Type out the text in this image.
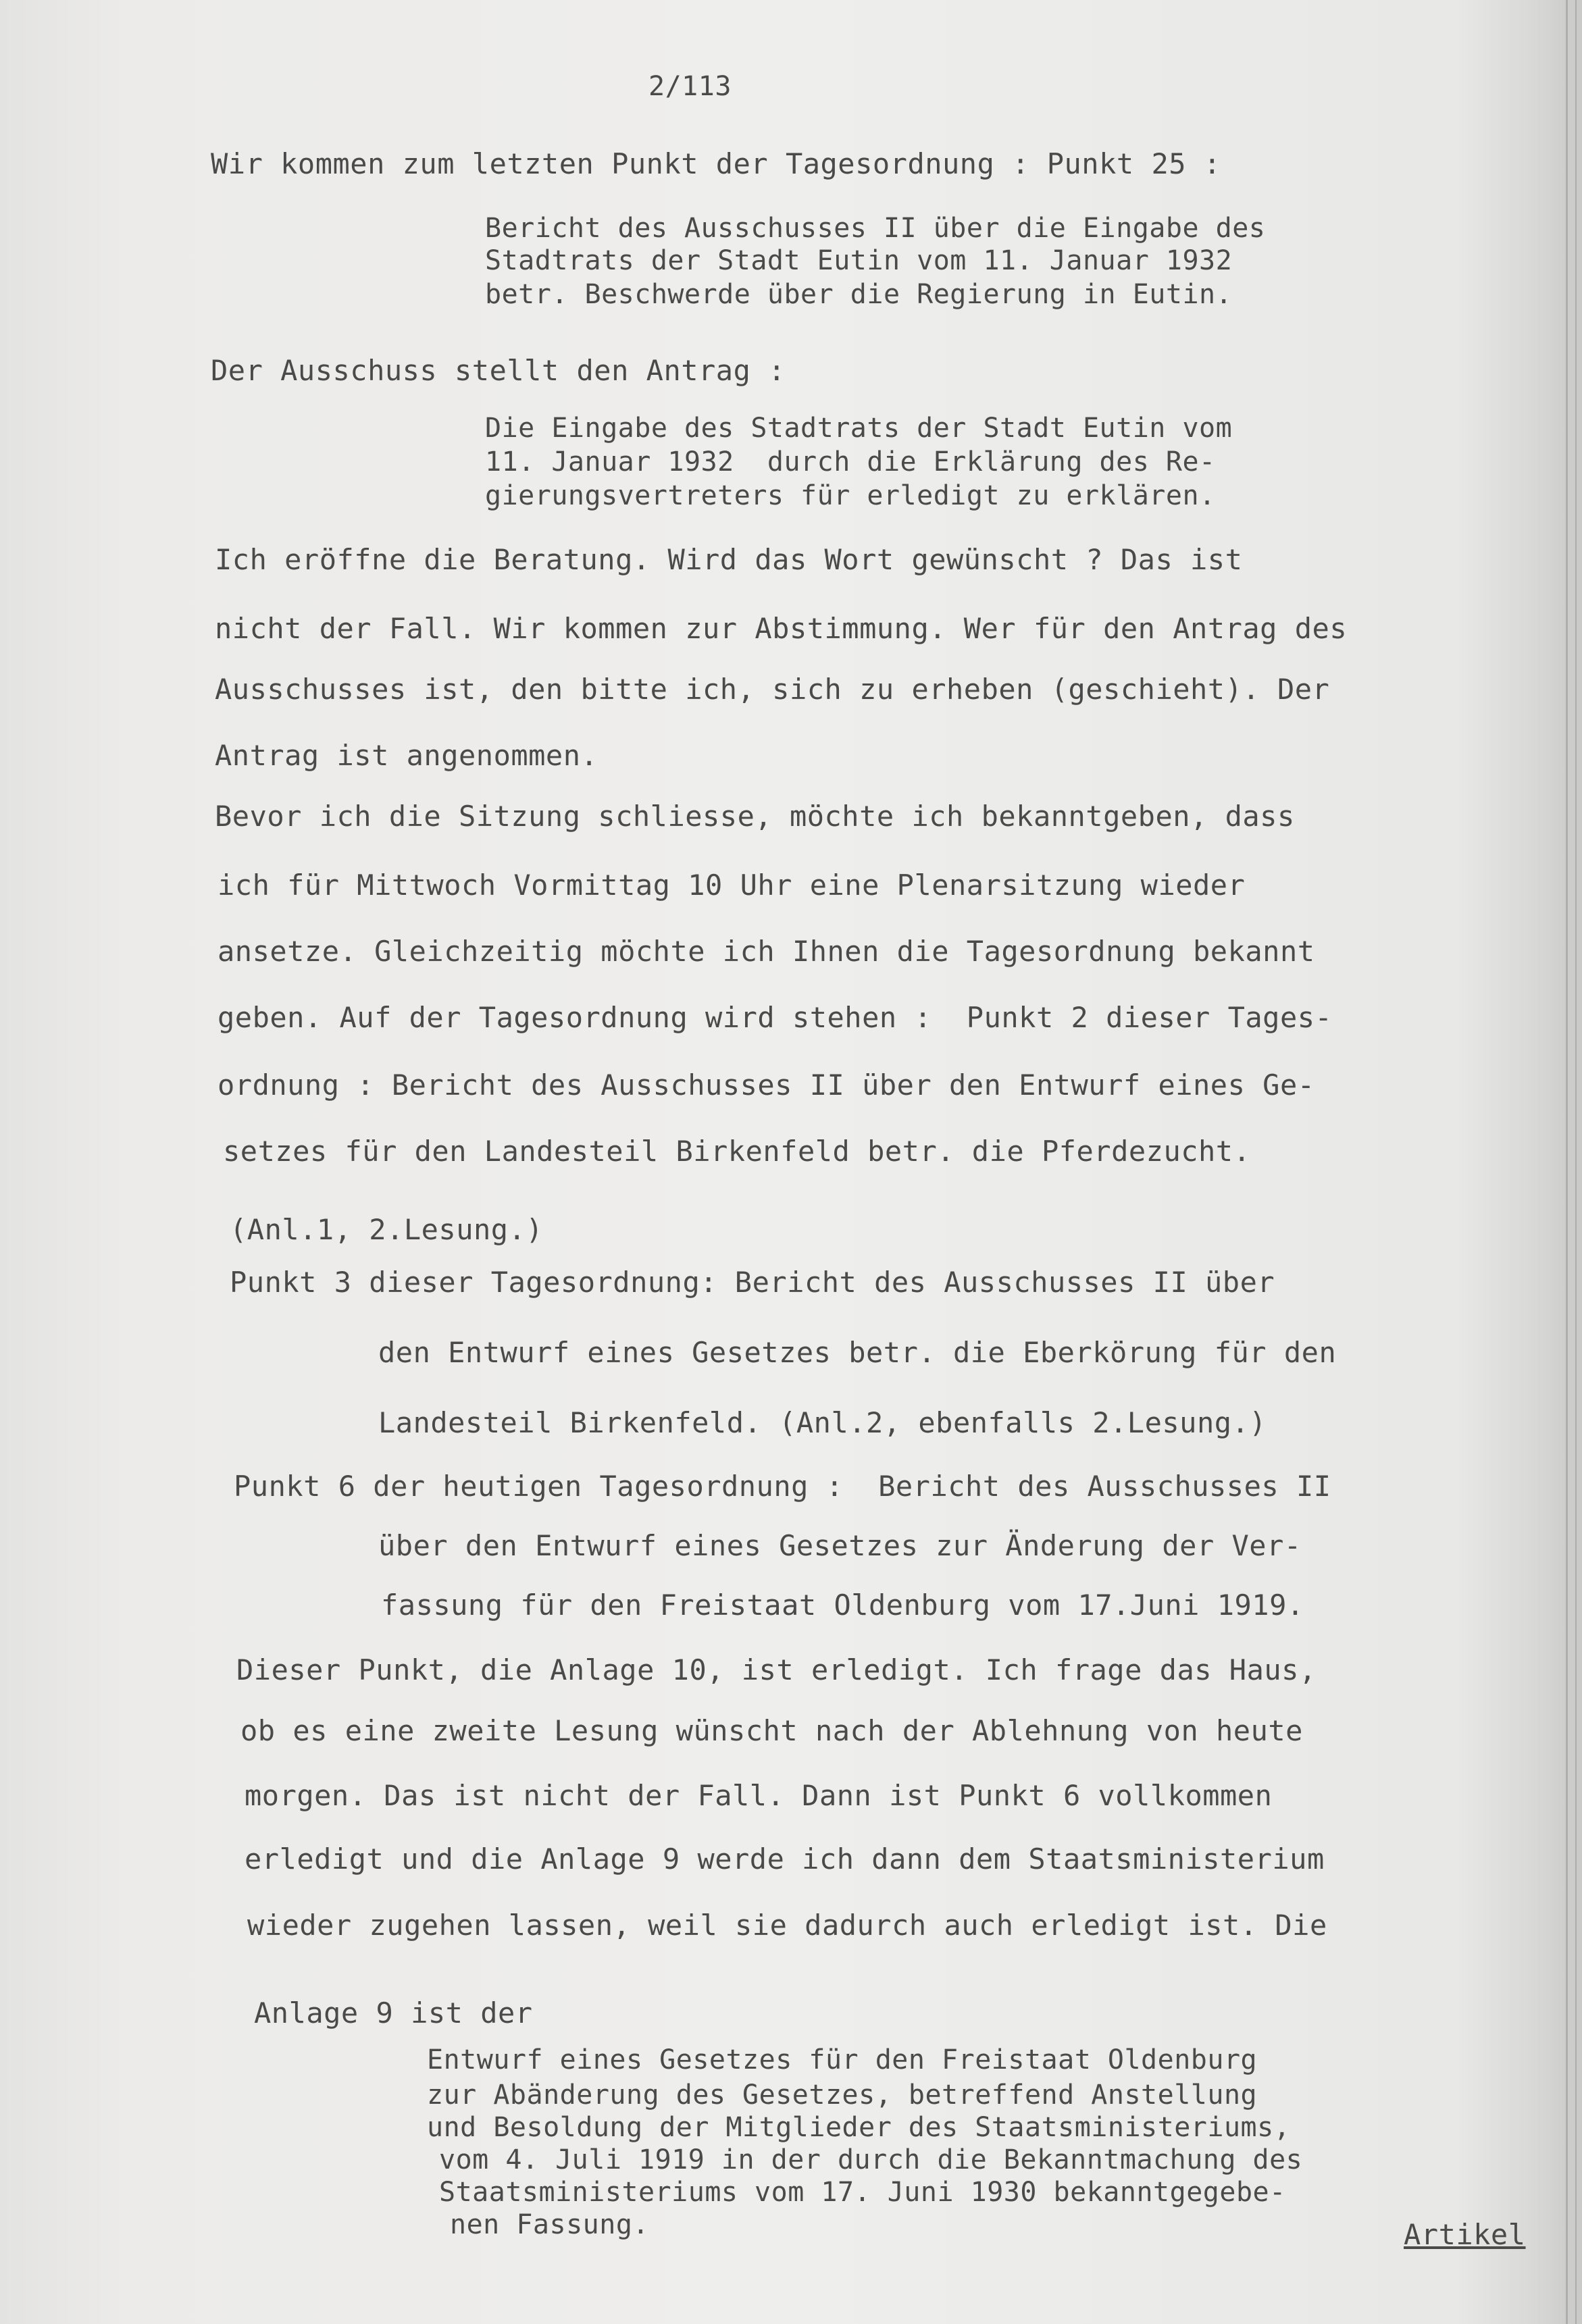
2/113
Wir kommen zum letzten Punkt der Tagesordnung : Punkt 25 :
Bericht des Ausschusses II über die Eingabe des
Stadtrats der Stadt Eutin vom 11. Januar 1932
betr. Beschwerde über die Regierung in Eutin.
Der Ausschuss stellt den Antrag :
Die Eingabe des Stadtrats der Stadt Eutin vom
11. Januar 1932  durch die Erklärung des Re-
gierungsvertreters für erledigt zu erklären.
Ich eröffne die Beratung. Wird das Wort gewünscht ? Das ist
nicht der Fall. Wir kommen zur Abstimmung. Wer für den Antrag des
Ausschusses ist, den bitte ich, sich zu erheben (geschieht). Der
Antrag ist angenommen.
Bevor ich die Sitzung schliesse, möchte ich bekanntgeben, dass
ich für Mittwoch Vormittag 10 Uhr eine Plenarsitzung wieder
ansetze. Gleichzeitig möchte ich Ihnen die Tagesordnung bekannt
geben. Auf der Tagesordnung wird stehen :  Punkt 2 dieser Tages-
ordnung : Bericht des Ausschusses II über den Entwurf eines Ge-
setzes für den Landesteil Birkenfeld betr. die Pferdezucht.
(Anl.1, 2.Lesung.)
Punkt 3 dieser Tagesordnung: Bericht des Ausschusses II über
den Entwurf eines Gesetzes betr. die Eberkörung für den
Landesteil Birkenfeld. (Anl.2, ebenfalls 2.Lesung.)
Punkt 6 der heutigen Tagesordnung :  Bericht des Ausschusses II
über den Entwurf eines Gesetzes zur Änderung der Ver-
fassung für den Freistaat Oldenburg vom 17.Juni 1919.
Dieser Punkt, die Anlage 10, ist erledigt. Ich frage das Haus,
ob es eine zweite Lesung wünscht nach der Ablehnung von heute
morgen. Das ist nicht der Fall. Dann ist Punkt 6 vollkommen
erledigt und die Anlage 9 werde ich dann dem Staatsministerium
wieder zugehen lassen, weil sie dadurch auch erledigt ist. Die
Anlage 9 ist der
Entwurf eines Gesetzes für den Freistaat Oldenburg
zur Abänderung des Gesetzes, betreffend Anstellung
und Besoldung der Mitglieder des Staatsministeriums,
vom 4. Juli 1919 in der durch die Bekanntmachung des
Staatsministeriums vom 17. Juni 1930 bekanntgegebe-
nen Fassung.	Artikel
